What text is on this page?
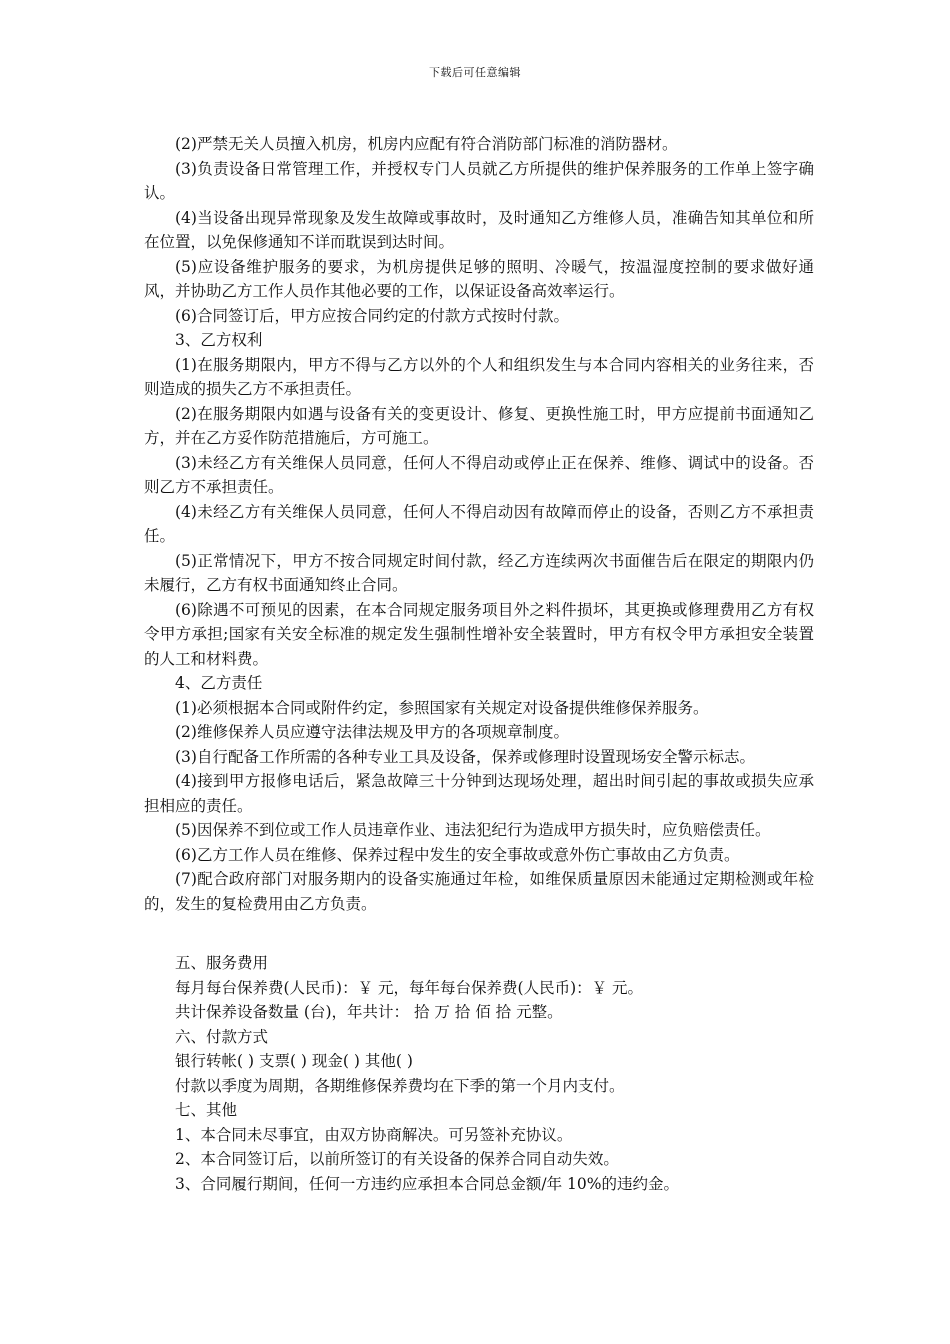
下载后可任意编辑

(2)严禁无关人员擅入机房，机房内应配有符合消防部门标准的消防器材。

(3)负责设备日常管理工作，并授权专门人员就乙方所提供的维护保养服务的工作单上签字确认。

(4)当设备出现异常现象及发生故障或事故时，及时通知乙方维修人员，准确告知其单位和所在位置，以免保修通知不详而耽误到达时间。

(5)应设备维护服务的要求，为机房提供足够的照明、冷暖气，按温湿度控制的要求做好通风，并协助乙方工作人员作其他必要的工作，以保证设备高效率运行。

(6)合同签订后，甲方应按合同约定的付款方式按时付款。

3、乙方权利

(1)在服务期限内，甲方不得与乙方以外的个人和组织发生与本合同内容相关的业务往来，否则造成的损失乙方不承担责任。

(2)在服务期限内如遇与设备有关的变更设计、修复、更换性施工时，甲方应提前书面通知乙方，并在乙方妥作防范措施后，方可施工。

(3)未经乙方有关维保人员同意，任何人不得启动或停止正在保养、维修、调试中的设备。否则乙方不承担责任。

(4)未经乙方有关维保人员同意，任何人不得启动因有故障而停止的设备，否则乙方不承担责任。

(5)正常情况下，甲方不按合同规定时间付款，经乙方连续两次书面催告后在限定的期限内仍未履行，乙方有权书面通知终止合同。

(6)除遇不可预见的因素，在本合同规定服务项目外之料件损坏，其更换或修理费用乙方有权令甲方承担;国家有关安全标准的规定发生强制性增补安全装置时，甲方有权令甲方承担安全装置的人工和材料费。

4、乙方责任

(1)必须根据本合同或附件约定，参照国家有关规定对设备提供维修保养服务。

(2)维修保养人员应遵守法律法规及甲方的各项规章制度。

(3)自行配备工作所需的各种专业工具及设备，保养或修理时设置现场安全警示标志。

(4)接到甲方报修电话后，紧急故障三十分钟到达现场处理，超出时间引起的事故或损失应承担相应的责任。

(5)因保养不到位或工作人员违章作业、违法犯纪行为造成甲方损失时，应负赔偿责任。

(6)乙方工作人员在维修、保养过程中发生的安全事故或意外伤亡事故由乙方负责。

(7)配合政府部门对服务期内的设备实施通过年检，如维保质量原因未能通过定期检测或年检的，发生的复检费用由乙方负责。

五、服务费用

每月每台保养费(人民币)：￥ 元，每年每台保养费(人民币)：￥ 元。

共计保养设备数量 (台)，年共计： 拾 万 拾 佰 拾 元整。

六、付款方式

银行转帐( ) 支票( ) 现金( ) 其他( )

付款以季度为周期，各期维修保养费均在下季的第一个月内支付。

七、其他

1、本合同未尽事宜，由双方协商解决。可另签补充协议。

2、本合同签订后，以前所签订的有关设备的保养合同自动失效。

3、合同履行期间，任何一方违约应承担本合同总金额/年 10%的违约金。
